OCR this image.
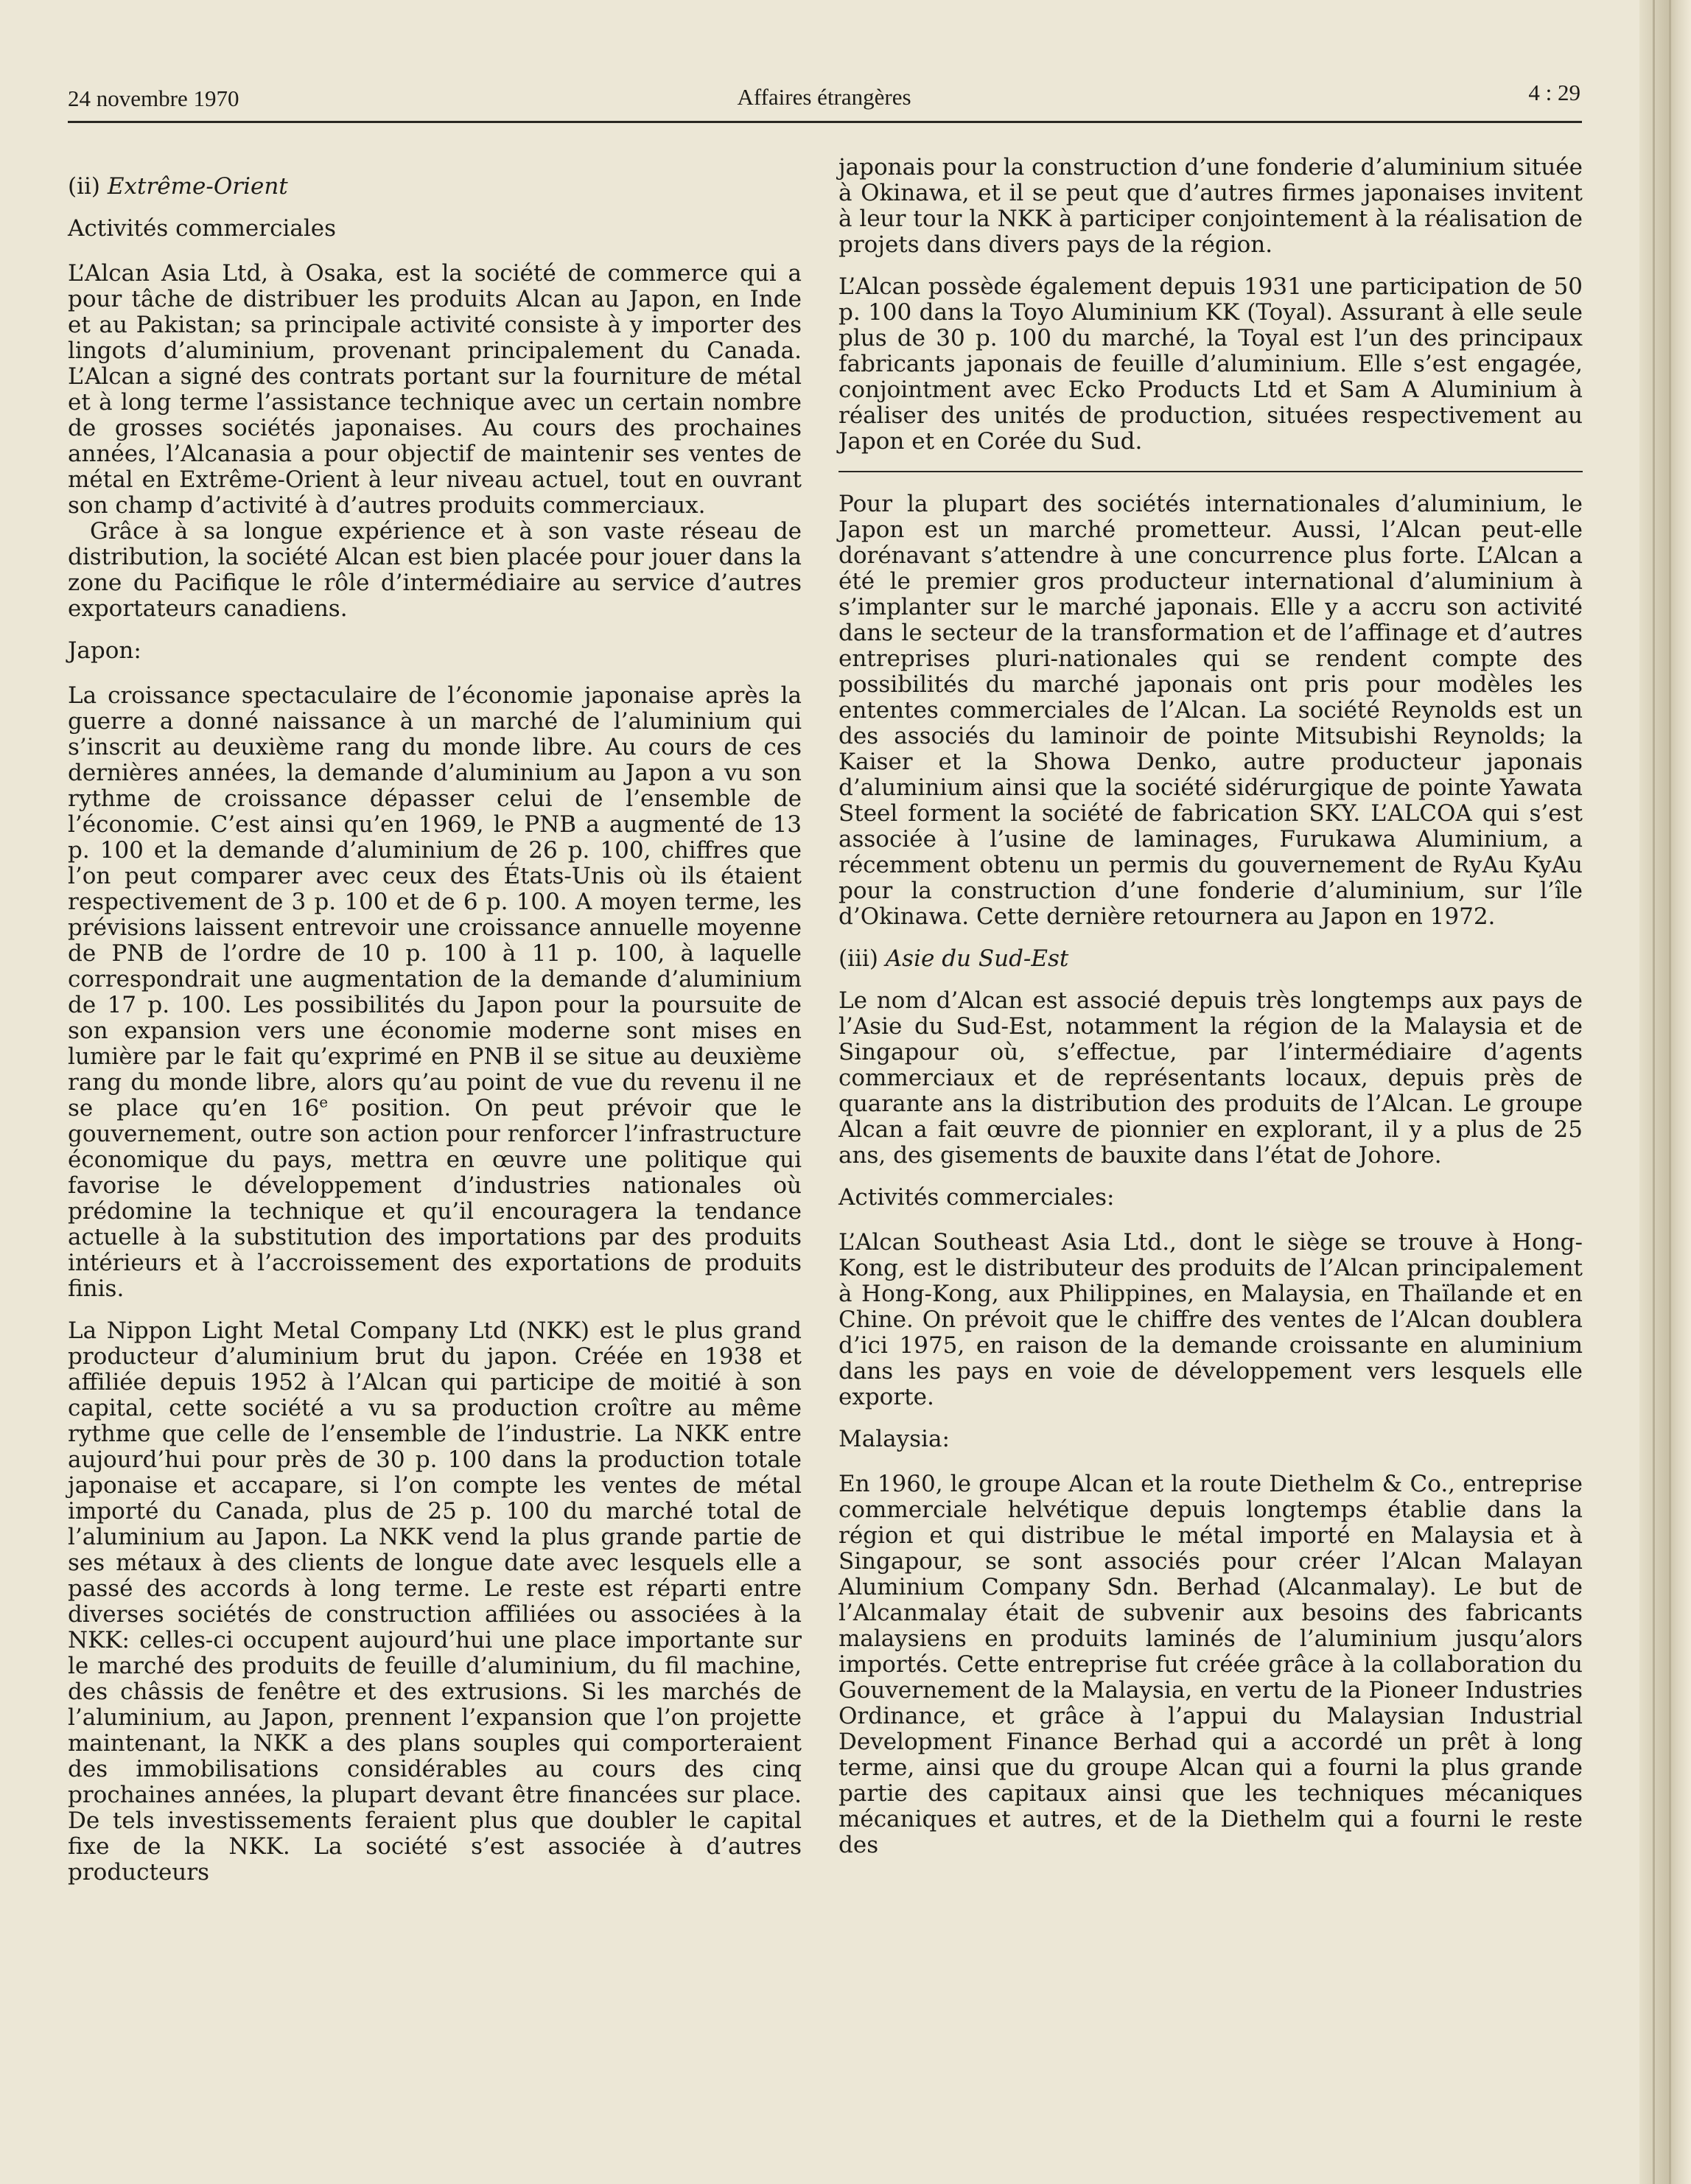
24 novembre 1970	Affaires étrangères	4 : 29
(ii) Extrême-Orient
Activités commerciales

L’Alcan Asia Ltd, à Osaka, est la société de commerce qui a pour tâche de distribuer les produits Alcan au Japon, en Inde et au Pakistan; sa principale activité consiste à y importer des lingots d’aluminium, provenant principalement du Canada. L’Alcan a signé des contrats portant sur la fourniture de métal et à long terme l’assistance technique avec un certain nombre de grosses sociétés japonaises. Au cours des prochaines années, l’Alcanasia a pour objectif de maintenir ses ventes de métal en Extrême-Orient à leur niveau actuel, tout en ouvrant son champ d’activité à d’autres produits commerciaux.

Grâce à sa longue expérience et à son vaste réseau de distribution, la société Alcan est bien placée pour jouer dans la zone du Pacifique le rôle d’intermédiaire au service d’autres exportateurs canadiens.

Japon:

La croissance spectaculaire de l’économie japonaise après la guerre a donné naissance à un marché de l’aluminium qui s’inscrit au deuxième rang du monde libre. Au cours de ces dernières années, la demande d’aluminium au Japon a vu son rythme de croissance dépasser celui de l’ensemble de l’économie. C’est ainsi qu’en 1969, le PNB a augmenté de 13 p. 100 et la demande d’aluminium de 26 p. 100, chiffres que l’on peut comparer avec ceux des États-Unis où ils étaient respectivement de 3 p. 100 et de 6 p. 100. A moyen terme, les prévisions laissent entrevoir une croissance annuelle moyenne de PNB de l’ordre de 10 p. 100 à 11 p. 100, à laquelle correspondrait une augmentation de la demande d’aluminium de 17 p. 100. Les possibilités du Japon pour la poursuite de son expansion vers une économie moderne sont mises en lumière par le fait qu’exprimé en PNB il se situe au deuxième rang du monde libre, alors qu’au point de vue du revenu il ne se place qu’en 16e position. On peut prévoir que le gouvernement, outre son action pour renforcer l’infrastructure économique du pays, mettra en œuvre une politique qui favorise le développement d’industries nationales où prédomine la technique et qu’il encouragera la tendance actuelle à la substitution des importations par des produits intérieurs et à l’accroissement des exportations de produits finis.

La Nippon Light Metal Company Ltd (NKK) est le plus grand producteur d’aluminium brut du japon. Créée en 1938 et affiliée depuis 1952 à l’Alcan qui participe de moitié à son capital, cette société a vu sa production croître au même rythme que celle de l’ensemble de l’industrie. La NKK entre aujourd’hui pour près de 30 p. 100 dans la production totale japonaise et accapare, si l’on compte les ventes de métal importé du Canada, plus de 25 p. 100 du marché total de l’aluminium au Japon. La NKK vend la plus grande partie de ses métaux à des clients de longue date avec lesquels elle a passé des accords à long terme. Le reste est réparti entre diverses sociétés de construction affiliées ou associées à la NKK: celles-ci occupent aujourd’hui une place importante sur le marché des produits de feuille d’aluminium, du fil machine, des châssis de fenêtre et des extrusions. Si les marchés de l’aluminium, au Japon, prennent l’expansion que l’on projette maintenant, la NKK a des plans souples qui comporteraient des immobilisations considérables au cours des cinq prochaines années, la plupart devant être financées sur place. De tels investissements feraient plus que doubler le capital fixe de la NKK. La société s’est associée à d’autres producteurs

japonais pour la construction d’une fonderie d’aluminium située à Okinawa, et il se peut que d’autres firmes japonaises invitent à leur tour la NKK à participer conjointement à la réalisation de projets dans divers pays de la région.

L’Alcan possède également depuis 1931 une participation de 50 p. 100 dans la Toyo Aluminium KK (Toyal). Assurant à elle seule plus de 30 p. 100 du marché, la Toyal est l’un des principaux fabricants japonais de feuille d’aluminium. Elle s’est engagée, conjointment avec Ecko Products Ltd et Sam A Aluminium à réaliser des unités de production, situées respectivement au Japon et en Corée du Sud.

Pour la plupart des sociétés internationales d’aluminium, le Japon est un marché prometteur. Aussi, l’Alcan peut-elle dorénavant s’attendre à une concurrence plus forte. L’Alcan a été le premier gros producteur international d’aluminium à s’implanter sur le marché japonais. Elle y a accru son activité dans le secteur de la transformation et de l’affinage et d’autres entreprises pluri-nationales qui se rendent compte des possibilités du marché japonais ont pris pour modèles les ententes commerciales de l’Alcan. La société Reynolds est un des associés du laminoir de pointe Mitsubishi Reynolds; la Kaiser et la Showa Denko, autre producteur japonais d’aluminium ainsi que la société sidérurgique de pointe Yawata Steel forment la société de fabrication SKY. L’ALCOA qui s’est associée à l’usine de laminages, Furukawa Aluminium, a récemment obtenu un permis du gouvernement de RyAu KyAu pour la construction d’une fonderie d’aluminium, sur l’île d’Okinawa. Cette dernière retournera au Japon en 1972.

(iii) Asie du Sud-Est

Le nom d’Alcan est associé depuis très longtemps aux pays de l’Asie du Sud-Est, notamment la région de la Malaysia et de Singapour où, s’effectue, par l’intermédiaire d’agents commerciaux et de représentants locaux, depuis près de quarante ans la distribution des produits de l’Alcan. Le groupe Alcan a fait œuvre de pionnier en explorant, il y a plus de 25 ans, des gisements de bauxite dans l’état de Johore.

Activités commerciales:

L’Alcan Southeast Asia Ltd., dont le siège se trouve à Hong-Kong, est le distributeur des produits de l’Alcan principalement à Hong-Kong, aux Philippines, en Malaysia, en Thaïlande et en Chine. On prévoit que le chiffre des ventes de l’Alcan doublera d’ici 1975, en raison de la demande croissante en aluminium dans les pays en voie de développement vers lesquels elle exporte.

Malaysia:

En 1960, le groupe Alcan et la route Diethelm & Co., entreprise commerciale helvétique depuis longtemps établie dans la région et qui distribue le métal importé en Malaysia et à Singapour, se sont associés pour créer l’Alcan Malayan Aluminium Company Sdn. Berhad (Alcanmalay). Le but de l’Alcanmalay était de subvenir aux besoins des fabricants malaysiens en produits laminés de l’aluminium jusqu’alors importés. Cette entreprise fut créée grâce à la collaboration du Gouvernement de la Malaysia, en vertu de la Pioneer Industries Ordinance, et grâce à l’appui du Malaysian Industrial Development Finance Berhad qui a accordé un prêt à long terme, ainsi que du groupe Alcan qui a fourni la plus grande partie des capitaux ainsi que les techniques mécaniques mécaniques et autres, et de la Diethelm qui a fourni le reste des
